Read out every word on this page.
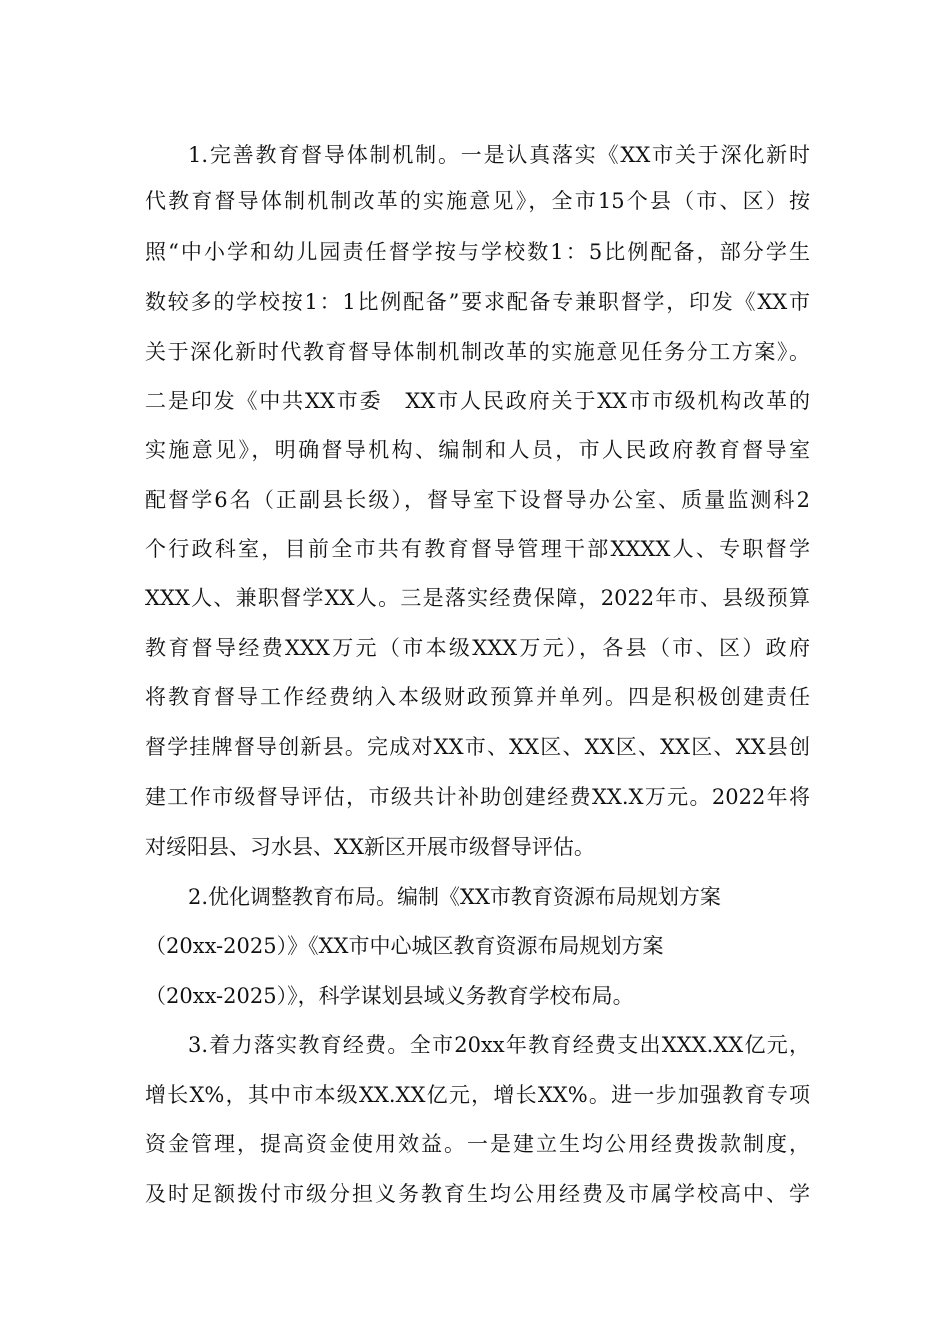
1.完善教育督导体制机制。一是认真落实《XX市关于深化新时
代教育督导体制机制改革的实施意见》，全市15个县（市、区）按
照“中小学和幼儿园责任督学按与学校数1：5比例配备，部分学生
数较多的学校按1：1比例配备”要求配备专兼职督学，印发《XX市
关于深化新时代教育督导体制机制改革的实施意见任务分工方案》。
二是印发《中共XX市委　XX市人民政府关于XX市市级机构改革的
实施意见》，明确督导机构、编制和人员，市人民政府教育督导室
配督学6名（正副县长级），督导室下设督导办公室、质量监测科2
个行政科室，目前全市共有教育督导管理干部XXXX人、专职督学
XXX人、兼职督学XX人。三是落实经费保障，2022年市、县级预算
教育督导经费XXX万元（市本级XXX万元），各县（市、区）政府
将教育督导工作经费纳入本级财政预算并单列。四是积极创建责任
督学挂牌督导创新县。完成对XX市、XX区、XX区、XX区、XX县创
建工作市级督导评估，市级共计补助创建经费XX.X万元。2022年将
对绥阳县、习水县、XX新区开展市级督导评估。
2.优化调整教育布局。编制《XX市教育资源布局规划方案
（20xx-2025）》《XX市中心城区教育资源布局规划方案
（20xx-2025）》，科学谋划县域义务教育学校布局。
3.着力落实教育经费。全市20xx年教育经费支出XXX.XX亿元，
增长X%，其中市本级XX.XX亿元，增长XX%。进一步加强教育专项
资金管理，提高资金使用效益。一是建立生均公用经费拨款制度，
及时足额拨付市级分担义务教育生均公用经费及市属学校高中、学
